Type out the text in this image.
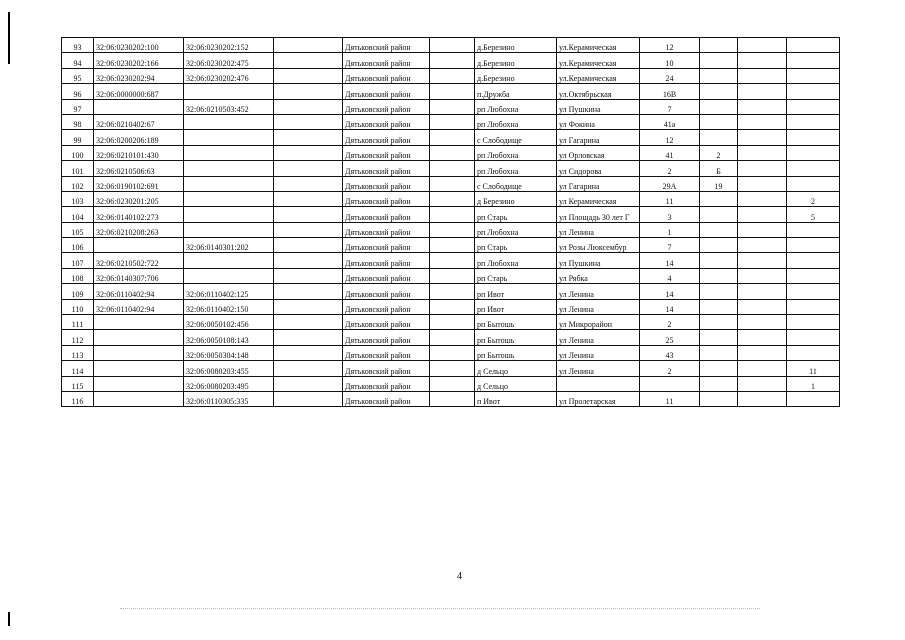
93	32:06:0230202:100	32:06:0230202:152		Дятьковский район		д.Березино	ул.Керамическая	12			
94	32:06:0230202:166	32:06:0230202:475		Дятьковский район		д.Березино	ул.Керамическая	10			
95	32:06:0230202:94	32:06:0230202:476		Дятьковский район		д.Березино	ул.Керамическая	24			
96	32:06:0000000:687			Дятьковский район		п.Дружба	ул.Октябрьская	16В			
97		32:06:0210503:452		Дятьковский район		рп Любохна	ул Пушкина	7			
98	32:06:0210402:67			Дятьковский район		рп Любохна	ул Фокина	41а			
99	32:06:0200206:189			Дятьковский район		с Слободище	ул Гагарина	12			
100	32:06:0210101:430			Дятьковский район		рп Любохна	ул Орловская	41	2		
101	32:06:0210506:63			Дятьковский район		рп Любохна	ул Сидорова	2	Б		
102	32:06:0190102:691			Дятьковский район		с Слободище	ул Гагарина	29А	19		
103	32:06:0230201:205			Дятьковский район		д Березино	ул Керамическая	11			2
104	32:06:0140102:273			Дятьковский район		рп Старь	ул Площадь 30 лет Г	3			5
105	32:06:0210208:263			Дятьковский район		рп Любохна	ул Ленина	1			
106		32:06:0140301:202		Дятьковский район		рп Старь	ул Розы Люксембур	7			
107	32:06:0210502:722			Дятьковский район		рп Любохна	ул Пушкина	14			
108	32:06:0140307:706			Дятьковский район		рп Старь	ул Рябка	4			
109	32:06:0110402:94	32:06:0110402:125		Дятьковский район		рп Ивот	ул Ленина	14			
110	32:06:0110402:94	32:06:0110402:150		Дятьковский район		рп Ивот	ул Ленина	14			
111		32:06:0050102:456		Дятьковский район		рп Бытошь	ул Микрорайон	2			
112		32:06:0050108:143		Дятьковский район		рп Бытошь	ул Ленина	25			
113		32:06:0050304:148		Дятьковский район		рп Бытошь	ул Ленина	43			
114		32:06:0080203:455		Дятьковский район		д Сельцо	ул Ленина	2			11
115		32:06:0080203:495		Дятьковский район		д Сельцо					1
116		32:06:0110305:335		Дятьковский район		п Ивот	ул Пролетарская	11			
4
